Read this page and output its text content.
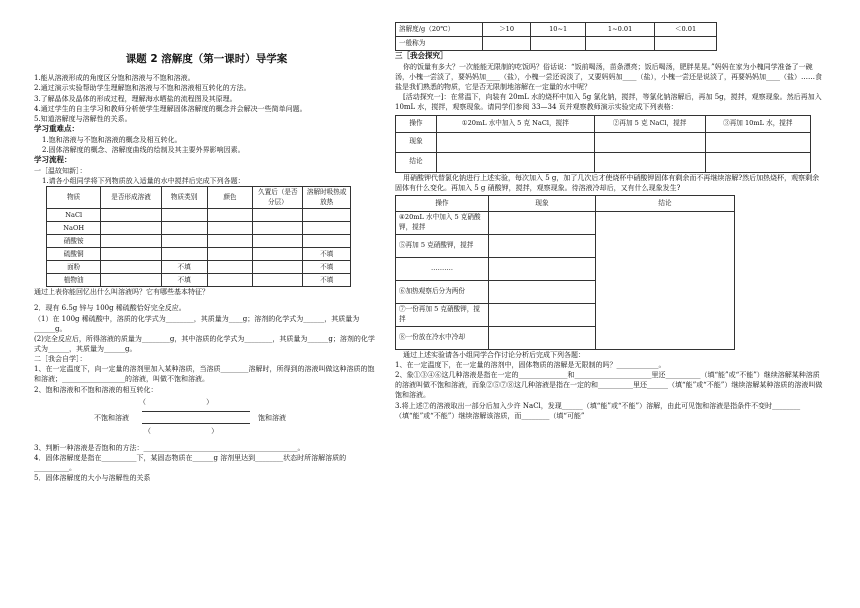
课题 2 溶解度（第一课时）导学案

1.能从溶液形成的角度区分饱和溶液与不饱和溶液。

2.通过演示实验帮助学生理解饱和溶液与不饱和溶液相互转化的方法。

3.了解晶体及晶体的形成过程，理解海水晒盐的流程图及其原理。

4.通过学生的自主学习和教师分析使学生理解固体溶解度的概念并会解决一些简单问题。

5.知道溶解度与溶解性的关系。

学习重难点：

1.饱和溶液与不饱和溶液的概念及相互转化。

2.固体溶解度的概念、溶解度曲线的绘制及其主要外界影响因素。

学习流程：

一［温故知新］：

1.请各小组同学将下列物质放入适量的水中搅拌后完成下列各题：

物质	是否形成溶液	物质类别	颜色	久置后（是否分层）	溶解时吸热或放热
NaCl					
NaOH					
硝酸铵					
硫酸铜					不填
面粉		不填			不填
植物油		不填			不填

通过上表你能回忆出什么叫溶液吗？它有哪些基本特征？

2．现有 6.5g 锌与 100g 稀硫酸恰好完全反应。

（1）在 100g 稀硫酸中，溶质的化学式为________，其质量为____g；溶剂的化学式为______，其质量为______g。

(2)完全反应后，所得溶液的质量为________g，其中溶质的化学式为________，其质量为______g；溶剂的化学式为______，其质量为______g。

二［我会自学］：

1、在一定温度下，向一定量的溶剂里加入某种溶质，当溶质________溶解时，所得到的溶液叫做这种溶质的饱和溶液；__________________的溶液，叫做不饱和溶液。

2、饱和溶液和不饱和溶液的相互转化：

（                           ）
不饱和溶液	饱和溶液
（                           ）

3、判断一种溶液是否饱和的方法：____________________________________________。

4．固体溶解度是指在__________下，某固态物质在______g 溶剂里达到________状态时所溶解溶质的__________。

5．固体溶解度的大小与溶解性的关系

溶解度/g（20℃）	＞10	10~1	1~0.01	＜0.01
一般称为				

三［我会探究］

你的饭量有多大？一次能能无限制的吃饭吗？俗话说：“饭前喝汤，苗条漂亮；饭后喝汤，肥胖晃晃。”妈妈在家为小槐同学准备了一碗汤，小槐一尝淡了，要妈妈加____（盐），小槐一尝还说淡了，又要妈妈加____（盐），小槐一尝还是说淡了，再要妈妈加____（盐）……食盐是我们熟悉的物质，它是否无限制地溶解在一定量的水中呢？

[活动探究一]：在常温下，向装有 20mL 水的烧杯中加入 5g 氯化钠，搅拌，等氯化钠溶解后，再加 5g，搅拌，观察现象。然后再加入 10mL 水，搅拌，观察现象。请同学们参阅 33—34 页并观察教师演示实验完成下列表格：

操作	①20mL 水中加入 5 克 NaCl，搅拌	②再加 5 克 NaCl，搅拌	③再加 10mL 水，搅拌
现象			
结论			

用硝酸钾代替氯化钠进行上述实验，每次加入 5 g，加了几次后才使烧杯中硝酸钾固体有剩余而不再继续溶解?然后加热烧杯，观察剩余固体有什么变化。再加入 5 g 硝酸钾，搅拌，观察现象。待溶液冷却后，又有什么现象发生?

操作	现象	结论
④20mL 水中加入 5 克硝酸钾，搅拌		
⑤再加 5 克硝酸钾，搅拌		
……….		
⑥加热观察后分为两份		
⑦一份再加 5 克硝酸钾，搅拌		
⑧一份放在冷水中冷却		

通过上述实验请各小组同学合作讨论分析后完成下列各题：

1、在一定温度下，在一定量的溶剂中，固体物质的溶解是无限制的吗？____________。

2、象①③④⑥这几种溶液是指在一定的______________和______________________里还__________（填“能”或“不能”）继续溶解某种溶质的溶液叫做不饱和溶液，而象②⑤⑦⑧这几种溶液是指在一定的和__________里还______（填“能”或“不能”）继续溶解某种溶质的溶液叫做饱和溶液。

3.将上述⑦的溶液取出一部分后加入少许 NaCl，发现______（填“能”或“不能”）溶解，由此可见饱和溶液是指条件不变时________（填“能”或“不能”）继续溶解该溶质，而________（填“可能”
